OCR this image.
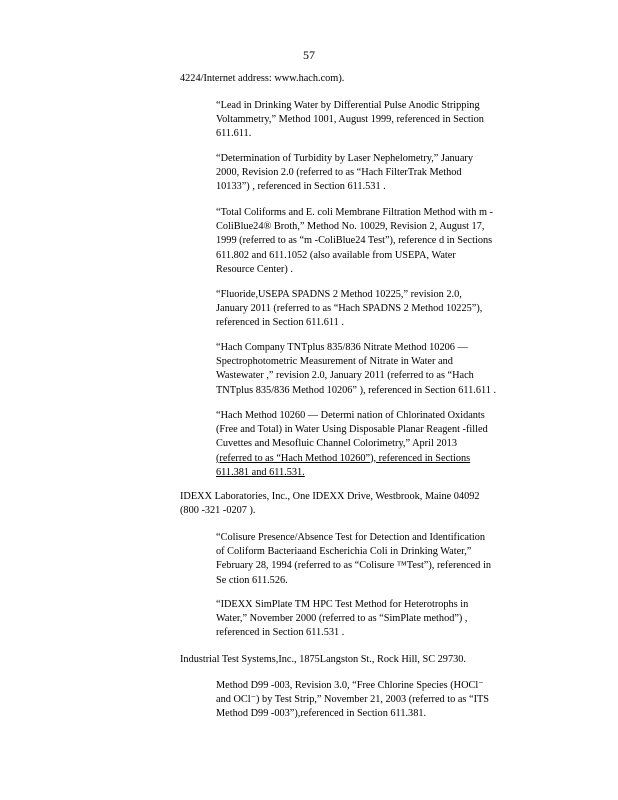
57
4224/Internet address: www.hach.com).
“Lead in Drinking Water by Differential Pulse Anodic Stripping
Voltammetry,” Method 1001, August 1999, referenced in Section
611.611.
“Determination of Turbidity by Laser Nephelometry,” January
2000, Revision 2.0 (referred to as “Hach FilterTrak Method
10133”) , referenced in Section 611.531 .
“Total Coliforms and E. coli Membrane Filtration Method with m -
ColiBlue24® Broth,” Method No. 10029, Revision 2, August 17,
1999 (referred to as “m -ColiBlue24 Test”), reference d in Sections
611.802 and 611.1052 (also available from USEPA, Water
Resource Center) .
“Fluoride,USEPA SPADNS 2 Method 10225,” revision 2.0,
January 2011 (referred to as “Hach SPADNS 2 Method 10225”),
referenced in Section 611.611 .
“Hach Company TNTplus 835/836 Nitrate Method 10206 —
Spectrophotometric Measurement of Nitrate in Water and
Wastewater ,” revision 2.0, January 2011 (referred to as “Hach
TNTplus 835/836 Method 10206” ), referenced in Section 611.611 .
“Hach Method 10260 — Determi nation of Chlorinated Oxidants
(Free and Total) in Water Using Disposable Planar Reagent -filled
Cuvettes and Mesofluic Channel Colorimetry,” April 2013
(referred to as “Hach Method 10260”), referenced in Sections
611.381 and 611.531.
IDEXX Laboratories, Inc., One IDEXX Drive, Westbrook, Maine 04092
(800 -321 -0207 ).
“Colisure Presence/Absence Test for Detection and Identification
of Coliform Bacteriaand Escherichia Coli in Drinking Water,”
February 28, 1994 (referred to as “Colisure ™Test”), referenced in
Se ction 611.526.
“IDEXX SimPlate TM HPC Test Method for Heterotrophs in
Water,” November 2000 (referred to as “SimPlate method”) ,
referenced in Section 611.531 .
Industrial Test Systems,Inc., 1875Langston St., Rock Hill, SC 29730.
Method D99 -003, Revision 3.0, “Free Chlorine Species (HOCl⁻
and OCl⁻) by Test Strip,” November 21, 2003 (referred to as “ITS
Method D99 -003”),referenced in Section 611.381.
